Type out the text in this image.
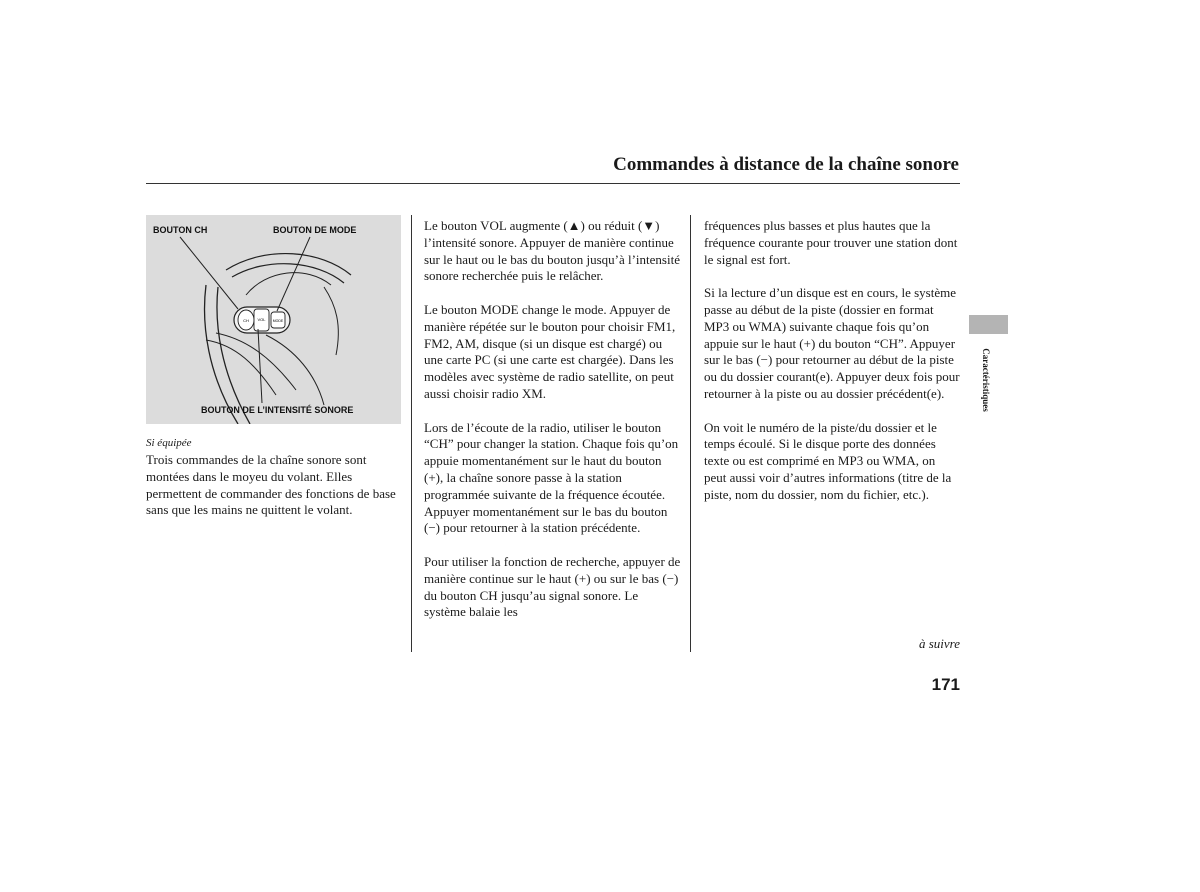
Commandes à distance de la chaîne sonore
CH VOL MODE
BOUTON CH	BOUTON DE MODE
BOUTON DE L’INTENSITÉ SONORE
Si équipée

Trois commandes de la chaîne sonore sont montées dans le moyeu du volant. Elles permettent de commander des fonctions de base sans que les mains ne quittent le volant.

Le bouton VOL augmente (▲) ou réduit (▼) l’intensité sonore. Appuyer de manière continue sur le haut ou le bas du bouton jusqu’à l’intensité sonore recherchée puis le relâcher.

Le bouton MODE change le mode. Appuyer de manière répétée sur le bouton pour choisir FM1, FM2, AM, disque (si un disque est chargé) ou une carte PC (si une carte est chargée). Dans les modèles avec système de radio satellite, on peut aussi choisir radio XM.

Lors de l’écoute de la radio, utiliser le bouton “CH” pour changer la station. Chaque fois qu’on appuie momentanément sur le haut du bouton (+), la chaîne sonore passe à la station programmée suivante de la fréquence écoutée. Appuyer momentanément sur le bas du bouton (−) pour retourner à la station précédente.

Pour utiliser la fonction de recherche, appuyer de manière continue sur le haut (+) ou sur le bas (−) du bouton CH jusqu’au signal sonore. Le système balaie les

fréquences plus basses et plus hautes que la fréquence courante pour trouver une station dont le signal est fort.

Si la lecture d’un disque est en cours, le système passe au début de la piste (dossier en format MP3 ou WMA) suivante chaque fois qu’on appuie sur le haut (+) du bouton “CH”. Appuyer sur le bas (−) pour retourner au début de la piste ou du dossier courant(e). Appuyer deux fois pour retourner à la piste ou au dossier précédent(e).

On voit le numéro de la piste/du dossier et le temps écoulé. Si le disque porte des données texte ou est comprimé en MP3 ou WMA, on peut aussi voir d’autres informations (titre de la piste, nom du dossier, nom du fichier, etc.).

Caractéristiques
à suivre
171
